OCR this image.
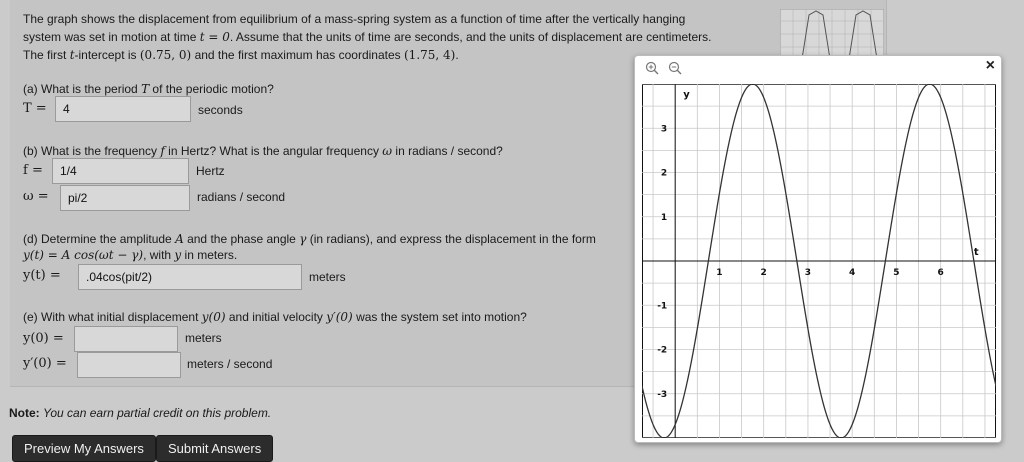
The graph shows the displacement from equilibrium of a mass-spring system as a function of time after the vertically hanging
system was set in motion at time t = 0. Assume that the units of time are seconds, and the units of displacement are centimeters.
The first t-intercept is (0.75, 0) and the first maximum has coordinates (1.75, 4).
(a) What is the period T of the periodic motion?
T =
4	seconds
(b) What is the frequency f in Hertz? What is the angular frequency ω in radians / second?
f =
1/4	Hertz
ω =
pi/2	radians / second
(d) Determine the amplitude A and the phase angle γ (in radians), and express the displacement in the form
y(t) = A cos(ωt − γ), with y in meters.
y(t) =
.04cos(pit/2)	meters
(e) With what initial displacement y(0) and initial velocity y′(0) was the system set into motion?
y(0) =	meters
y′(0) =	meters / second
Note: You can earn partial credit on this problem.
Preview My Answers	Submit Answers
×
1	2	3	4	5	6
3
2
1
-1
-2
-3
t
y
